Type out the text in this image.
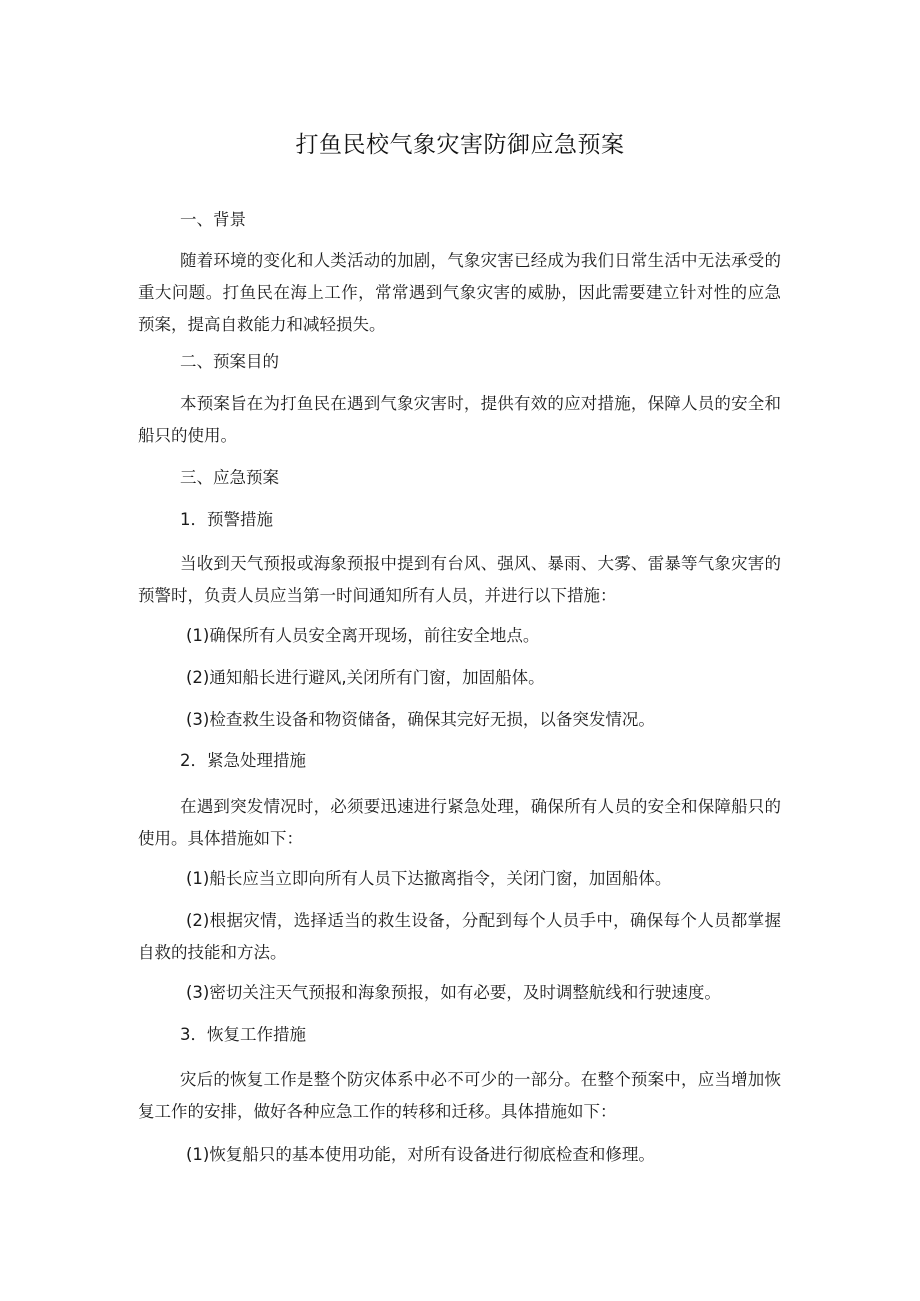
打鱼民校气象灾害防御应急预案

一、背景

随着环境的变化和人类活动的加剧，气象灾害已经成为我们日常生活中无法承受的重大问题。打鱼民在海上工作，常常遇到气象灾害的威胁，因此需要建立针对性的应急预案，提高自救能力和减轻损失。

二、预案目的

本预案旨在为打鱼民在遇到气象灾害时，提供有效的应对措施，保障人员的安全和船只的使用。

三、应急预案

1．预警措施

当收到天气预报或海象预报中提到有台风、强风、暴雨、大雾、雷暴等气象灾害的预警时，负责人员应当第一时间通知所有人员，并进行以下措施：

(1)确保所有人员安全离开现场，前往安全地点。

(2)通知船长进行避风,关闭所有门窗，加固船体。

(3)检查救生设备和物资储备，确保其完好无损，以备突发情况。

2．紧急处理措施

在遇到突发情况时，必须要迅速进行紧急处理，确保所有人员的安全和保障船只的使用。具体措施如下：

(1)船长应当立即向所有人员下达撤离指令，关闭门窗，加固船体。

(2)根据灾情，选择适当的救生设备，分配到每个人员手中，确保每个人员都掌握自救的技能和方法。

(3)密切关注天气预报和海象预报，如有必要，及时调整航线和行驶速度。

3．恢复工作措施

灾后的恢复工作是整个防灾体系中必不可少的一部分。在整个预案中，应当增加恢复工作的安排，做好各种应急工作的转移和迁移。具体措施如下：

(1)恢复船只的基本使用功能，对所有设备进行彻底检查和修理。
